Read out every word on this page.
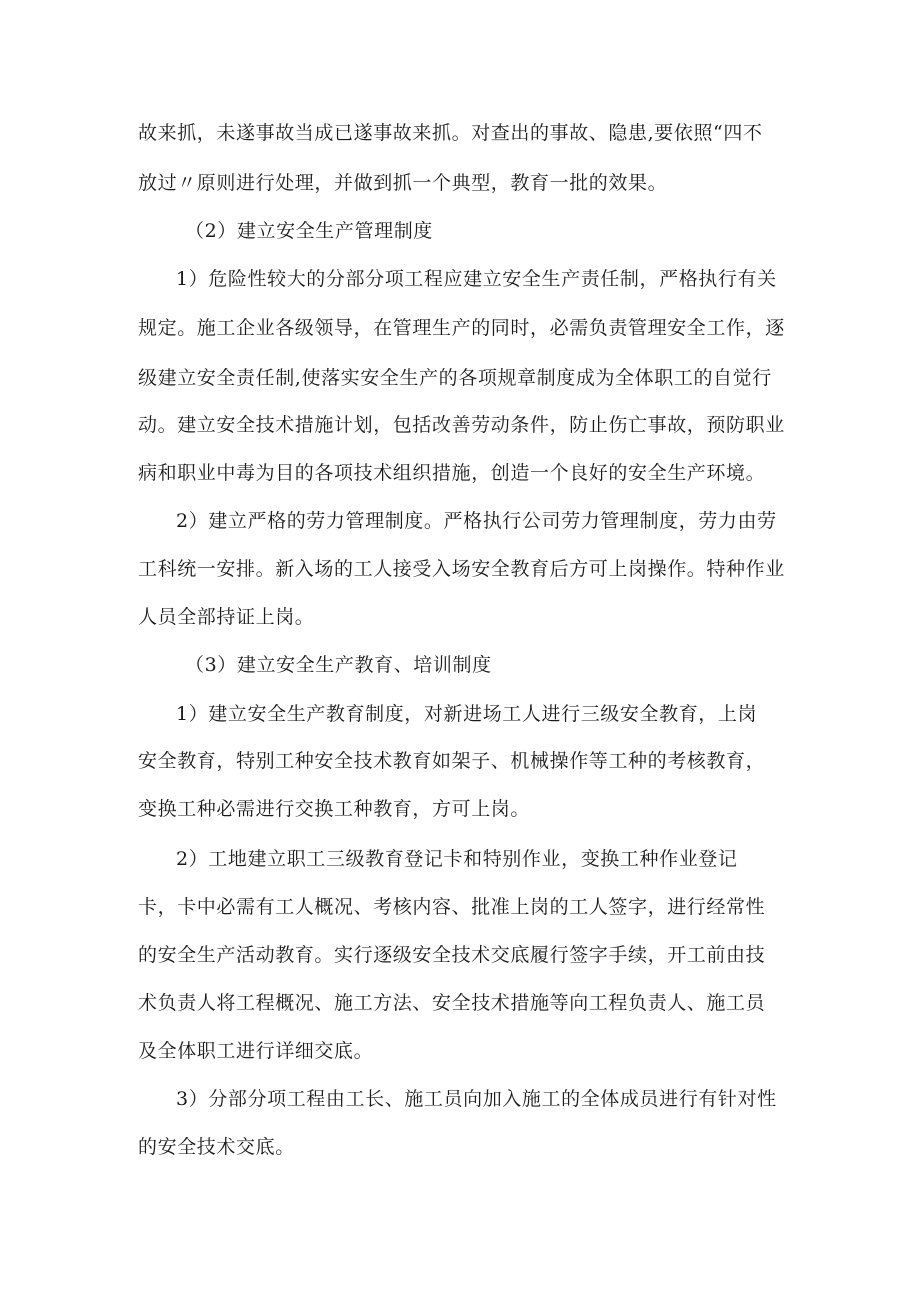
故来抓，未遂事故当成已遂事故来抓。对查出的事故、隐患,要依照“四不
放过〃原则进行处理，并做到抓一个典型，教育一批的效果。
（2）建立安全生产管理制度
1）危险性较大的分部分项工程应建立安全生产责任制，严格执行有关
规定。施工企业各级领导，在管理生产的同时，必需负责管理安全工作，逐
级建立安全责任制,使落实安全生产的各项规章制度成为全体职工的自觉行
动。建立安全技术措施计划，包括改善劳动条件，防止伤亡事故，预防职业
病和职业中毒为目的各项技术组织措施，创造一个良好的安全生产环境。
2）建立严格的劳力管理制度。严格执行公司劳力管理制度，劳力由劳
工科统一安排。新入场的工人接受入场安全教育后方可上岗操作。特种作业
人员全部持证上岗。
（3）建立安全生产教育、培训制度
1）建立安全生产教育制度，对新进场工人进行三级安全教育，上岗
安全教育，特别工种安全技术教育如架子、机械操作等工种的考核教育，
变换工种必需进行交换工种教育，方可上岗。
2）工地建立职工三级教育登记卡和特别作业，变换工种作业登记
卡，卡中必需有工人概况、考核内容、批准上岗的工人签字，进行经常性
的安全生产活动教育。实行逐级安全技术交底履行签字手续，开工前由技
术负责人将工程概况、施工方法、安全技术措施等向工程负责人、施工员
及全体职工进行详细交底。
3）分部分项工程由工长、施工员向加入施工的全体成员进行有针对性
的安全技术交底。
